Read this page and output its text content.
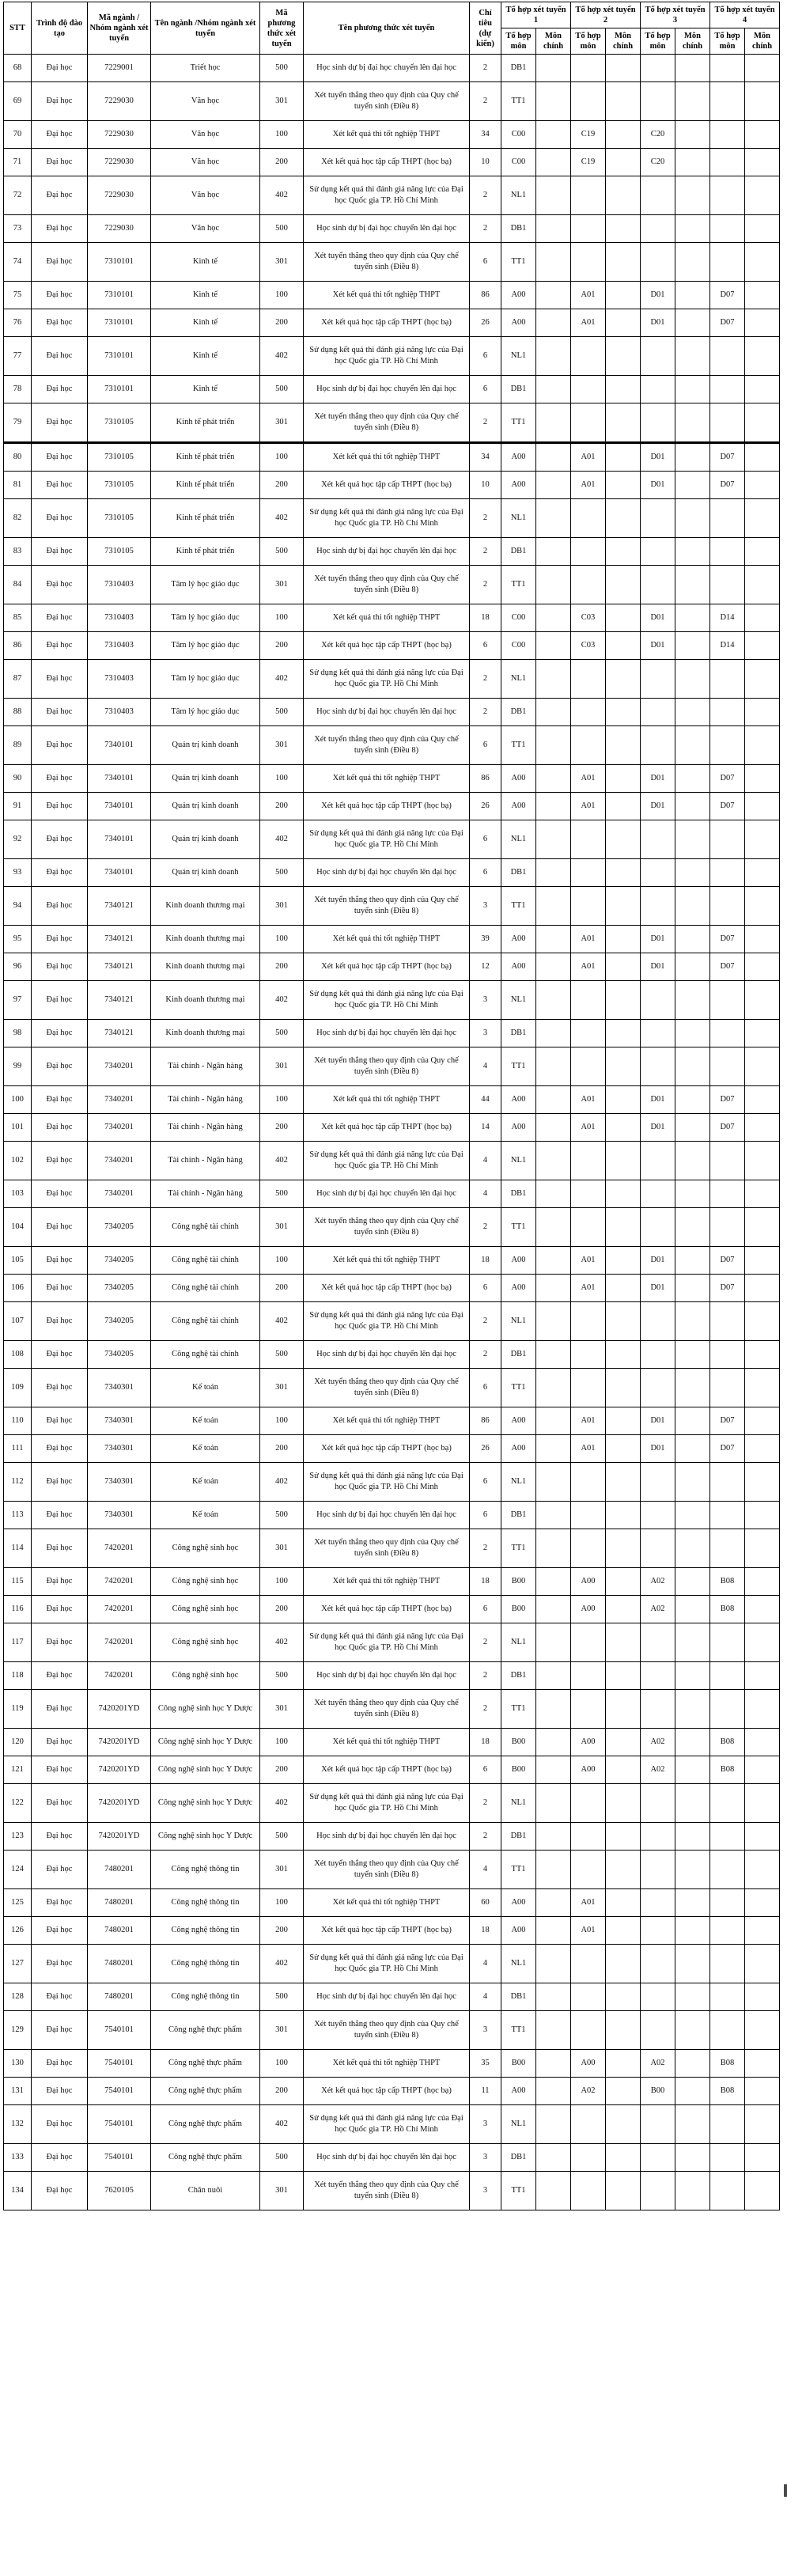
STT	Trình độ đào tạo	Mã ngành / Nhóm ngành xét tuyển	Tên ngành /Nhóm ngành xét tuyển	Mã phương thức xét tuyển	Tên phương thức xét tuyển	Chỉ tiêu (dự kiến)	Tổ hợp xét tuyển 1		Tổ hợp xét tuyển 2		Tổ hợp xét tuyển 3		Tổ hợp xét tuyển 4	
							Tổ hợp môn	Môn chính	Tổ hợp môn	Môn chính	Tổ hợp môn	Môn chính	Tổ hợp môn	Môn chính
68	Đại học	7229001	Triết học	500	Học sinh dự bị đại học chuyển lên đại học	2	DB1							
69	Đại học	7229030	Văn học	301	Xét tuyển thẳng theo quy định của Quy chế tuyển sinh (Điều 8)	2	TT1							
70	Đại học	7229030	Văn học	100	Xét kết quả thi tốt nghiệp THPT	34	C00		C19		C20			
71	Đại học	7229030	Văn học	200	Xét kết quả học tập cấp THPT (học bạ)	10	C00		C19		C20			
72	Đại học	7229030	Văn học	402	Sử dụng kết quả thi đánh giá năng lực của Đại học Quốc gia TP. Hồ Chí Minh	2	NL1							
73	Đại học	7229030	Văn học	500	Học sinh dự bị đại học chuyển lên đại học	2	DB1							
74	Đại học	7310101	Kinh tế	301	Xét tuyển thẳng theo quy định của Quy chế tuyển sinh (Điều 8)	6	TT1							
75	Đại học	7310101	Kinh tế	100	Xét kết quả thi tốt nghiệp THPT	86	A00		A01		D01		D07	
76	Đại học	7310101	Kinh tế	200	Xét kết quả học tập cấp THPT (học bạ)	26	A00		A01		D01		D07	
77	Đại học	7310101	Kinh tế	402	Sử dụng kết quả thi đánh giá năng lực của Đại học Quốc gia TP. Hồ Chí Minh	6	NL1							
78	Đại học	7310101	Kinh tế	500	Học sinh dự bị đại học chuyển lên đại học	6	DB1							
79	Đại học	7310105	Kinh tế phát triển	301	Xét tuyển thẳng theo quy định của Quy chế tuyển sinh (Điều 8)	2	TT1							
80	Đại học	7310105	Kinh tế phát triển	100	Xét kết quả thi tốt nghiệp THPT	34	A00		A01		D01		D07	
81	Đại học	7310105	Kinh tế phát triển	200	Xét kết quả học tập cấp THPT (học bạ)	10	A00		A01		D01		D07	
82	Đại học	7310105	Kinh tế phát triển	402	Sử dụng kết quả thi đánh giá năng lực của Đại học Quốc gia TP. Hồ Chí Minh	2	NL1							
83	Đại học	7310105	Kinh tế phát triển	500	Học sinh dự bị đại học chuyển lên đại học	2	DB1							
84	Đại học	7310403	Tâm lý học giáo dục	301	Xét tuyển thẳng theo quy định của Quy chế tuyển sinh (Điều 8)	2	TT1							
85	Đại học	7310403	Tâm lý học giáo dục	100	Xét kết quả thi tốt nghiệp THPT	18	C00		C03		D01		D14	
86	Đại học	7310403	Tâm lý học giáo dục	200	Xét kết quả học tập cấp THPT (học bạ)	6	C00		C03		D01		D14	
87	Đại học	7310403	Tâm lý học giáo dục	402	Sử dụng kết quả thi đánh giá năng lực của Đại học Quốc gia TP. Hồ Chí Minh	2	NL1							
88	Đại học	7310403	Tâm lý học giáo dục	500	Học sinh dự bị đại học chuyển lên đại học	2	DB1							
89	Đại học	7340101	Quản trị kinh doanh	301	Xét tuyển thẳng theo quy định của Quy chế tuyển sinh (Điều 8)	6	TT1							
90	Đại học	7340101	Quản trị kinh doanh	100	Xét kết quả thi tốt nghiệp THPT	86	A00		A01		D01		D07	
91	Đại học	7340101	Quản trị kinh doanh	200	Xét kết quả học tập cấp THPT (học bạ)	26	A00		A01		D01		D07	
92	Đại học	7340101	Quản trị kinh doanh	402	Sử dụng kết quả thi đánh giá năng lực của Đại học Quốc gia TP. Hồ Chí Minh	6	NL1							
93	Đại học	7340101	Quản trị kinh doanh	500	Học sinh dự bị đại học chuyển lên đại học	6	DB1							
94	Đại học	7340121	Kinh doanh thương mại	301	Xét tuyển thẳng theo quy định của Quy chế tuyển sinh (Điều 8)	3	TT1							
95	Đại học	7340121	Kinh doanh thương mại	100	Xét kết quả thi tốt nghiệp THPT	39	A00		A01		D01		D07	
96	Đại học	7340121	Kinh doanh thương mại	200	Xét kết quả học tập cấp THPT (học bạ)	12	A00		A01		D01		D07	
97	Đại học	7340121	Kinh doanh thương mại	402	Sử dụng kết quả thi đánh giá năng lực của Đại học Quốc gia TP. Hồ Chí Minh	3	NL1							
98	Đại học	7340121	Kinh doanh thương mại	500	Học sinh dự bị đại học chuyển lên đại học	3	DB1							
99	Đại học	7340201	Tài chính - Ngân hàng	301	Xét tuyển thẳng theo quy định của Quy chế tuyển sinh (Điều 8)	4	TT1							
100	Đại học	7340201	Tài chính - Ngân hàng	100	Xét kết quả thi tốt nghiệp THPT	44	A00		A01		D01		D07	
101	Đại học	7340201	Tài chính - Ngân hàng	200	Xét kết quả học tập cấp THPT (học bạ)	14	A00		A01		D01		D07	
102	Đại học	7340201	Tài chính - Ngân hàng	402	Sử dụng kết quả thi đánh giá năng lực của Đại học Quốc gia TP. Hồ Chí Minh	4	NL1							
103	Đại học	7340201	Tài chính - Ngân hàng	500	Học sinh dự bị đại học chuyển lên đại học	4	DB1							
104	Đại học	7340205	Công nghệ tài chính	301	Xét tuyển thẳng theo quy định của Quy chế tuyển sinh (Điều 8)	2	TT1							
105	Đại học	7340205	Công nghệ tài chính	100	Xét kết quả thi tốt nghiệp THPT	18	A00		A01		D01		D07	
106	Đại học	7340205	Công nghệ tài chính	200	Xét kết quả học tập cấp THPT (học bạ)	6	A00		A01		D01		D07	
107	Đại học	7340205	Công nghệ tài chính	402	Sử dụng kết quả thi đánh giá năng lực của Đại học Quốc gia TP. Hồ Chí Minh	2	NL1							
108	Đại học	7340205	Công nghệ tài chính	500	Học sinh dự bị đại học chuyển lên đại học	2	DB1							
109	Đại học	7340301	Kế toán	301	Xét tuyển thẳng theo quy định của Quy chế tuyển sinh (Điều 8)	6	TT1							
110	Đại học	7340301	Kế toán	100	Xét kết quả thi tốt nghiệp THPT	86	A00		A01		D01		D07	
111	Đại học	7340301	Kế toán	200	Xét kết quả học tập cấp THPT (học bạ)	26	A00		A01		D01		D07	
112	Đại học	7340301	Kế toán	402	Sử dụng kết quả thi đánh giá năng lực của Đại học Quốc gia TP. Hồ Chí Minh	6	NL1							
113	Đại học	7340301	Kế toán	500	Học sinh dự bị đại học chuyển lên đại học	6	DB1							
114	Đại học	7420201	Công nghệ sinh học	301	Xét tuyển thẳng theo quy định của Quy chế tuyển sinh (Điều 8)	2	TT1							
115	Đại học	7420201	Công nghệ sinh học	100	Xét kết quả thi tốt nghiệp THPT	18	B00		A00		A02		B08	
116	Đại học	7420201	Công nghệ sinh học	200	Xét kết quả học tập cấp THPT (học bạ)	6	B00		A00		A02		B08	
117	Đại học	7420201	Công nghệ sinh học	402	Sử dụng kết quả thi đánh giá năng lực của Đại học Quốc gia TP. Hồ Chí Minh	2	NL1							
118	Đại học	7420201	Công nghệ sinh học	500	Học sinh dự bị đại học chuyển lên đại học	2	DB1							
119	Đại học	7420201YD	Công nghệ sinh học Y Dược	301	Xét tuyển thẳng theo quy định của Quy chế tuyển sinh (Điều 8)	2	TT1							
120	Đại học	7420201YD	Công nghệ sinh học Y Dược	100	Xét kết quả thi tốt nghiệp THPT	18	B00		A00		A02		B08	
121	Đại học	7420201YD	Công nghệ sinh học Y Dược	200	Xét kết quả học tập cấp THPT (học bạ)	6	B00		A00		A02		B08	
122	Đại học	7420201YD	Công nghệ sinh học Y Dược	402	Sử dụng kết quả thi đánh giá năng lực của Đại học Quốc gia TP. Hồ Chí Minh	2	NL1							
123	Đại học	7420201YD	Công nghệ sinh học Y Dược	500	Học sinh dự bị đại học chuyển lên đại học	2	DB1							
124	Đại học	7480201	Công nghệ thông tin	301	Xét tuyển thẳng theo quy định của Quy chế tuyển sinh (Điều 8)	4	TT1							
125	Đại học	7480201	Công nghệ thông tin	100	Xét kết quả thi tốt nghiệp THPT	60	A00		A01					
126	Đại học	7480201	Công nghệ thông tin	200	Xét kết quả học tập cấp THPT (học bạ)	18	A00		A01					
127	Đại học	7480201	Công nghệ thông tin	402	Sử dụng kết quả thi đánh giá năng lực của Đại học Quốc gia TP. Hồ Chí Minh	4	NL1							
128	Đại học	7480201	Công nghệ thông tin	500	Học sinh dự bị đại học chuyển lên đại học	4	DB1							
129	Đại học	7540101	Công nghệ thực phẩm	301	Xét tuyển thẳng theo quy định của Quy chế tuyển sinh (Điều 8)	3	TT1							
130	Đại học	7540101	Công nghệ thực phẩm	100	Xét kết quả thi tốt nghiệp THPT	35	B00		A00		A02		B08	
131	Đại học	7540101	Công nghệ thực phẩm	200	Xét kết quả học tập cấp THPT (học bạ)	11	A00		A02		B00		B08	
132	Đại học	7540101	Công nghệ thực phẩm	402	Sử dụng kết quả thi đánh giá năng lực của Đại học Quốc gia TP. Hồ Chí Minh	3	NL1							
133	Đại học	7540101	Công nghệ thực phẩm	500	Học sinh dự bị đại học chuyển lên đại học	3	DB1							
134	Đại học	7620105	Chăn nuôi	301	Xét tuyển thẳng theo quy định của Quy chế tuyển sinh (Điều 8)	3	TT1							
